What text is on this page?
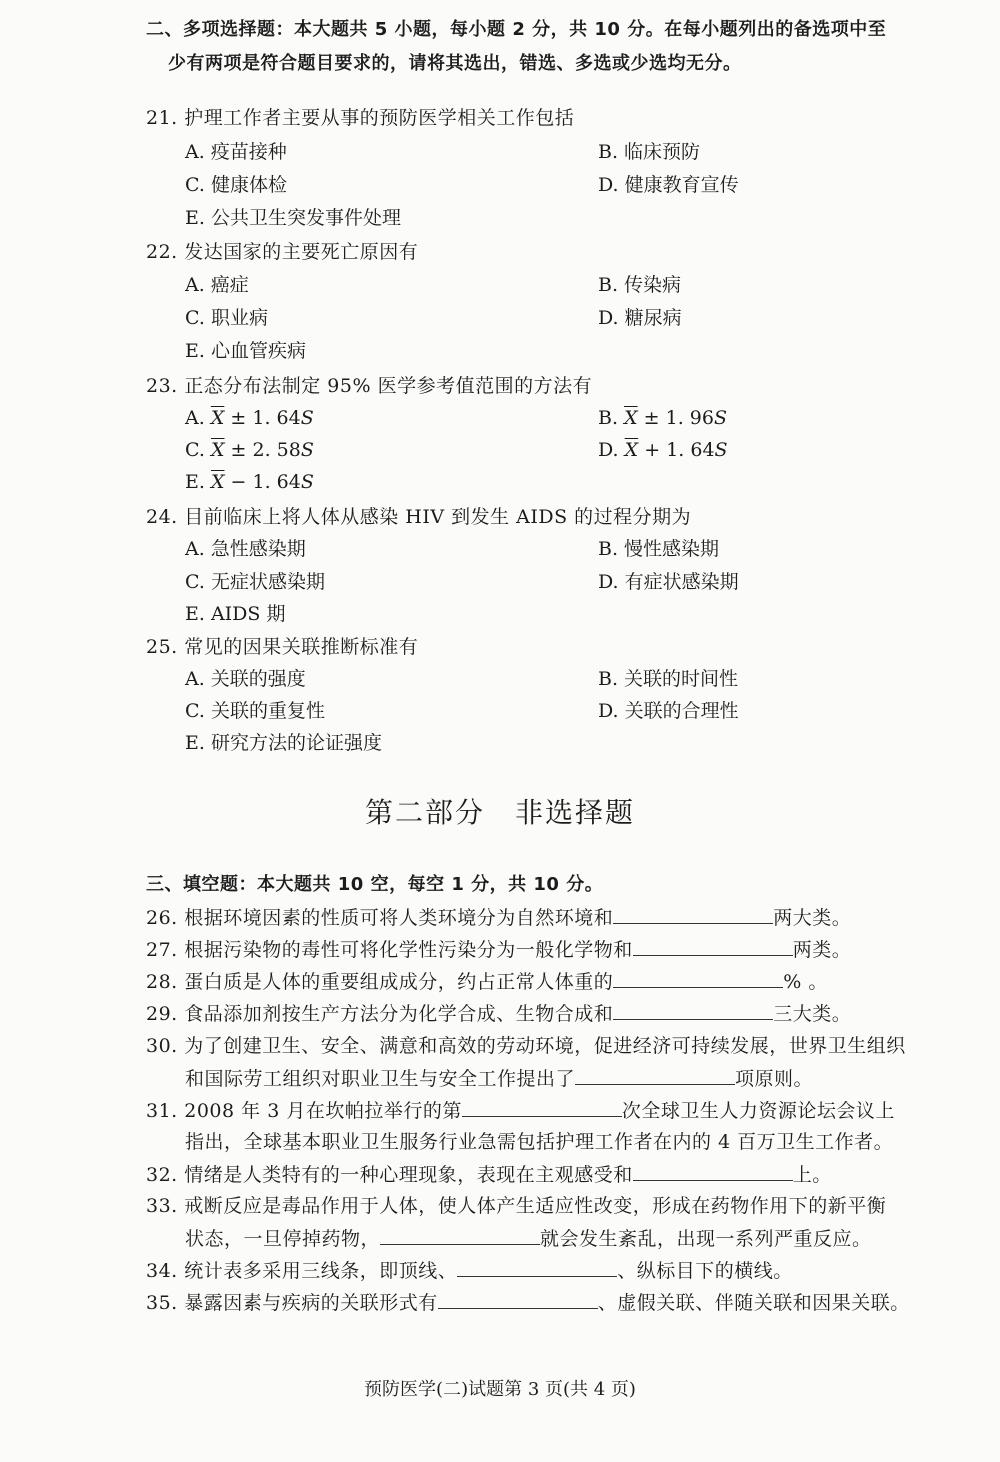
二、多项选择题：本大题共 5 小题，每小题 2 分，共 10 分。在每小题列出的备选项中至
少有两项是符合题目要求的，请将其选出，错选、多选或少选均无分。
21. 护理工作者主要从事的预防医学相关工作包括
A. 疫苗接种	B. 临床预防
C. 健康体检	D. 健康教育宣传
E. 公共卫生突发事件处理
22. 发达国家的主要死亡原因有
A. 癌症	B. 传染病
C. 职业病	D. 糖尿病
E. 心血管疾病
23. 正态分布法制定 95% 医学参考值范围的方法有
A. $\overline{X} \pm 1$. 64S	B. $\overline{X} \pm 1$. 96S
C. $\overline{X} \pm 2$. 58S	D. $\overline{X} + 1$. 64S
E. $\overline{X} - 1$. 64S
24. 目前临床上将人体从感染 HIV 到发生 AIDS 的过程分期为
A. 急性感染期	B. 慢性感染期
C. 无症状感染期	D. 有症状感染期
E. AIDS 期
25. 常见的因果关联推断标准有
A. 关联的强度	B. 关联的时间性
C. 关联的重复性	D. 关联的合理性
E. 研究方法的论证强度
第二部分　非选择题
三、填空题：本大题共 10 空，每空 1 分，共 10 分。
26. 根据环境因素的性质可将人类环境分为自然环境和	两大类。
27. 根据污染物的毒性可将化学性污染分为一般化学物和	两类。
28. 蛋白质是人体的重要组成成分，约占正常人体重的	% 。
29. 食品添加剂按生产方法分为化学合成、生物合成和	三大类。
30. 为了创建卫生、安全、满意和高效的劳动环境，促进经济可持续发展，世界卫生组织
和国际劳工组织对职业卫生与安全工作提出了	项原则。
31. 2008 年 3 月在坎帕拉举行的第	次全球卫生人力资源论坛会议上
指出，全球基本职业卫生服务行业急需包括护理工作者在内的 4 百万卫生工作者。
32. 情绪是人类特有的一种心理现象，表现在主观感受和	上。
33. 戒断反应是毒品作用于人体，使人体产生适应性改变，形成在药物作用下的新平衡
状态，一旦停掉药物，	就会发生紊乱，出现一系列严重反应。
34. 统计表多采用三线条，即顶线、	、纵标目下的横线。
35. 暴露因素与疾病的关联形式有	、虚假关联、伴随关联和因果关联。
预防医学(二)试题第 3 页(共 4 页)
